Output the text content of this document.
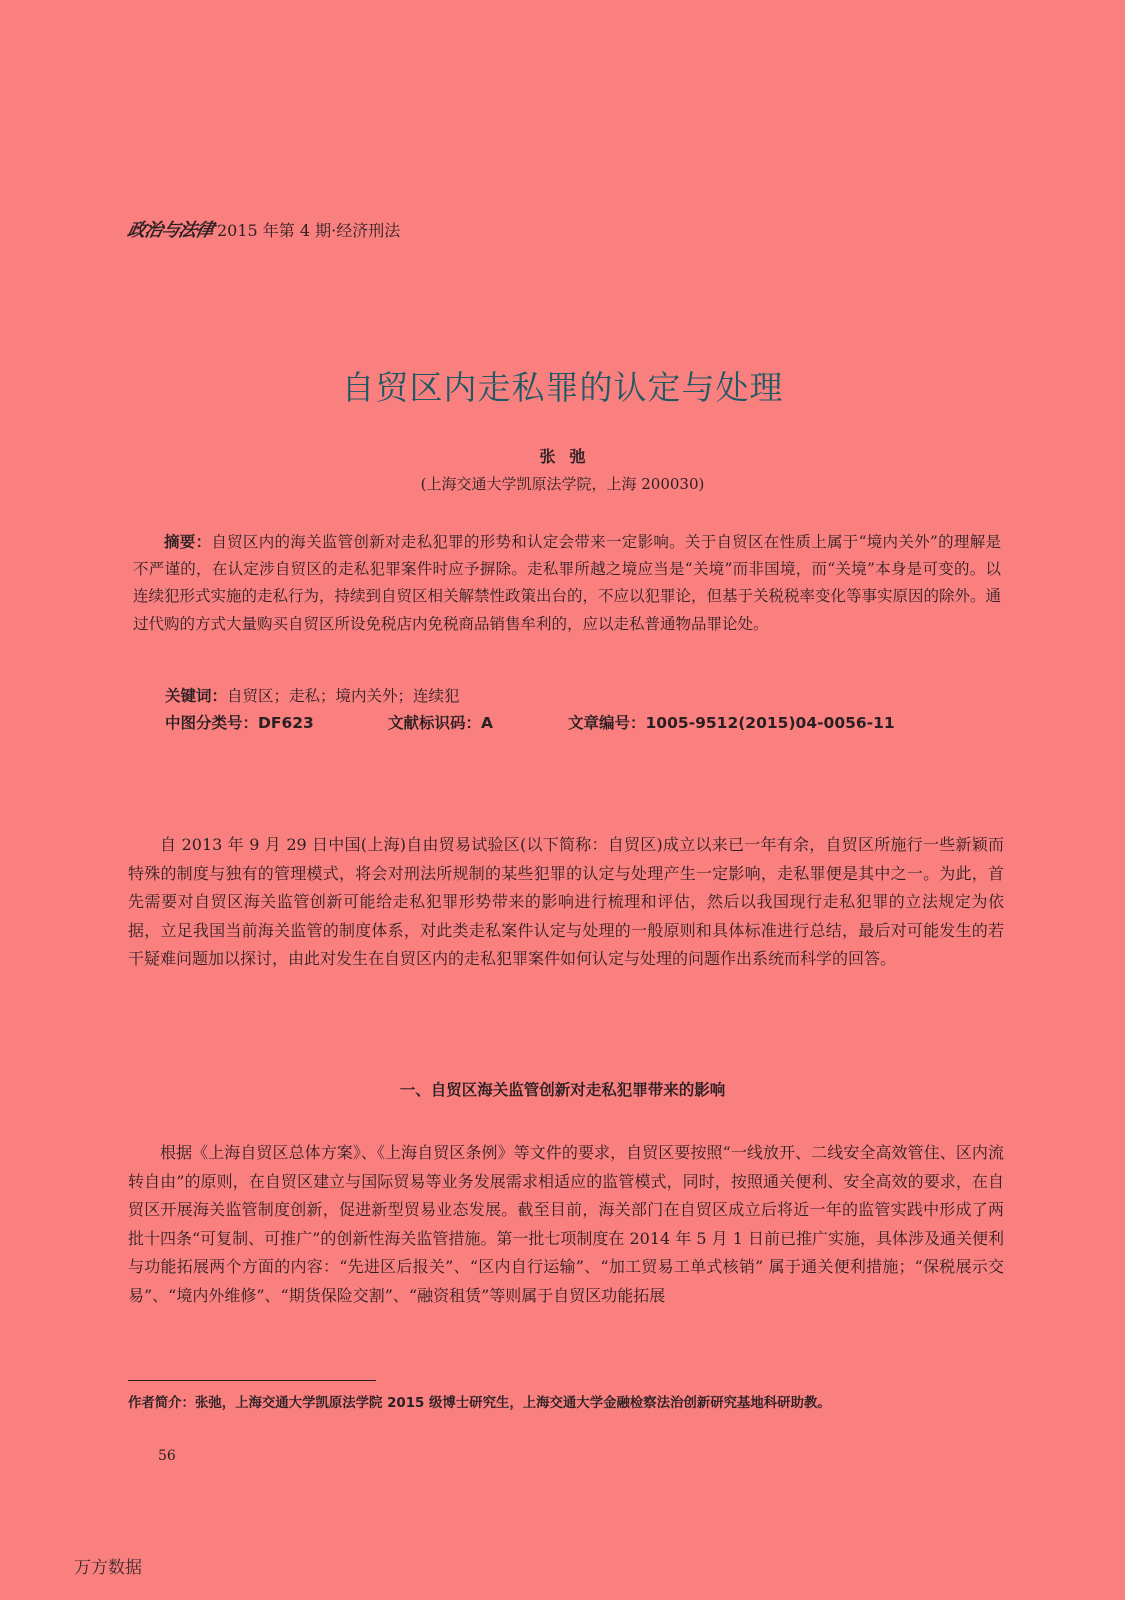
政治与法律 2015 年第 4 期·经济刑法
自贸区内走私罪的认定与处理
张弛
(上海交通大学凯原法学院，上海 200030)

摘要：自贸区内的海关监管创新对走私犯罪的形势和认定会带来一定影响。关于自贸区在性质上属于“境内关外”的理解是不严谨的，在认定涉自贸区的走私犯罪案件时应予摒除。走私罪所越之境应当是“关境”而非国境，而“关境”本身是可变的。以连续犯形式实施的走私行为，持续到自贸区相关解禁性政策出台的，不应以犯罪论，但基于关税税率变化等事实原因的除外。通过代购的方式大量购买自贸区所设免税店内免税商品销售牟利的，应以走私普通物品罪论处。

关键词：自贸区；走私；境内关外；连续犯
中图分类号：DF623	文献标识码：A	文章编号：1005-9512(2015)04-0056-11

自 2013 年 9 月 29 日中国(上海)自由贸易试验区(以下简称：自贸区)成立以来已一年有余，自贸区所施行一些新颖而特殊的制度与独有的管理模式，将会对刑法所规制的某些犯罪的认定与处理产生一定影响，走私罪便是其中之一。为此，首先需要对自贸区海关监管创新可能给走私犯罪形势带来的影响进行梳理和评估，然后以我国现行走私犯罪的立法规定为依据，立足我国当前海关监管的制度体系，对此类走私案件认定与处理的一般原则和具体标准进行总结，最后对可能发生的若干疑难问题加以探讨，由此对发生在自贸区内的走私犯罪案件如何认定与处理的问题作出系统而科学的回答。

一、自贸区海关监管创新对走私犯罪带来的影响

根据《上海自贸区总体方案》、《上海自贸区条例》等文件的要求，自贸区要按照“一线放开、二线安全高效管住、区内流转自由”的原则，在自贸区建立与国际贸易等业务发展需求相适应的监管模式，同时，按照通关便利、安全高效的要求，在自贸区开展海关监管制度创新，促进新型贸易业态发展。截至目前，海关部门在自贸区成立后将近一年的监管实践中形成了两批十四条“可复制、可推广”的创新性海关监管措施。第一批七项制度在 2014 年 5 月 1 日前已推广实施，具体涉及通关便利与功能拓展两个方面的内容：“先进区后报关”、“区内自行运输”、“加工贸易工单式核销” 属于通关便利措施；“保税展示交易”、“境内外维修”、“期货保险交割”、“融资租赁”等则属于自贸区功能拓展

作者简介：张弛，上海交通大学凯原法学院 2015 级博士研究生，上海交通大学金融检察法治创新研究基地科研助教。
56
万方数据
